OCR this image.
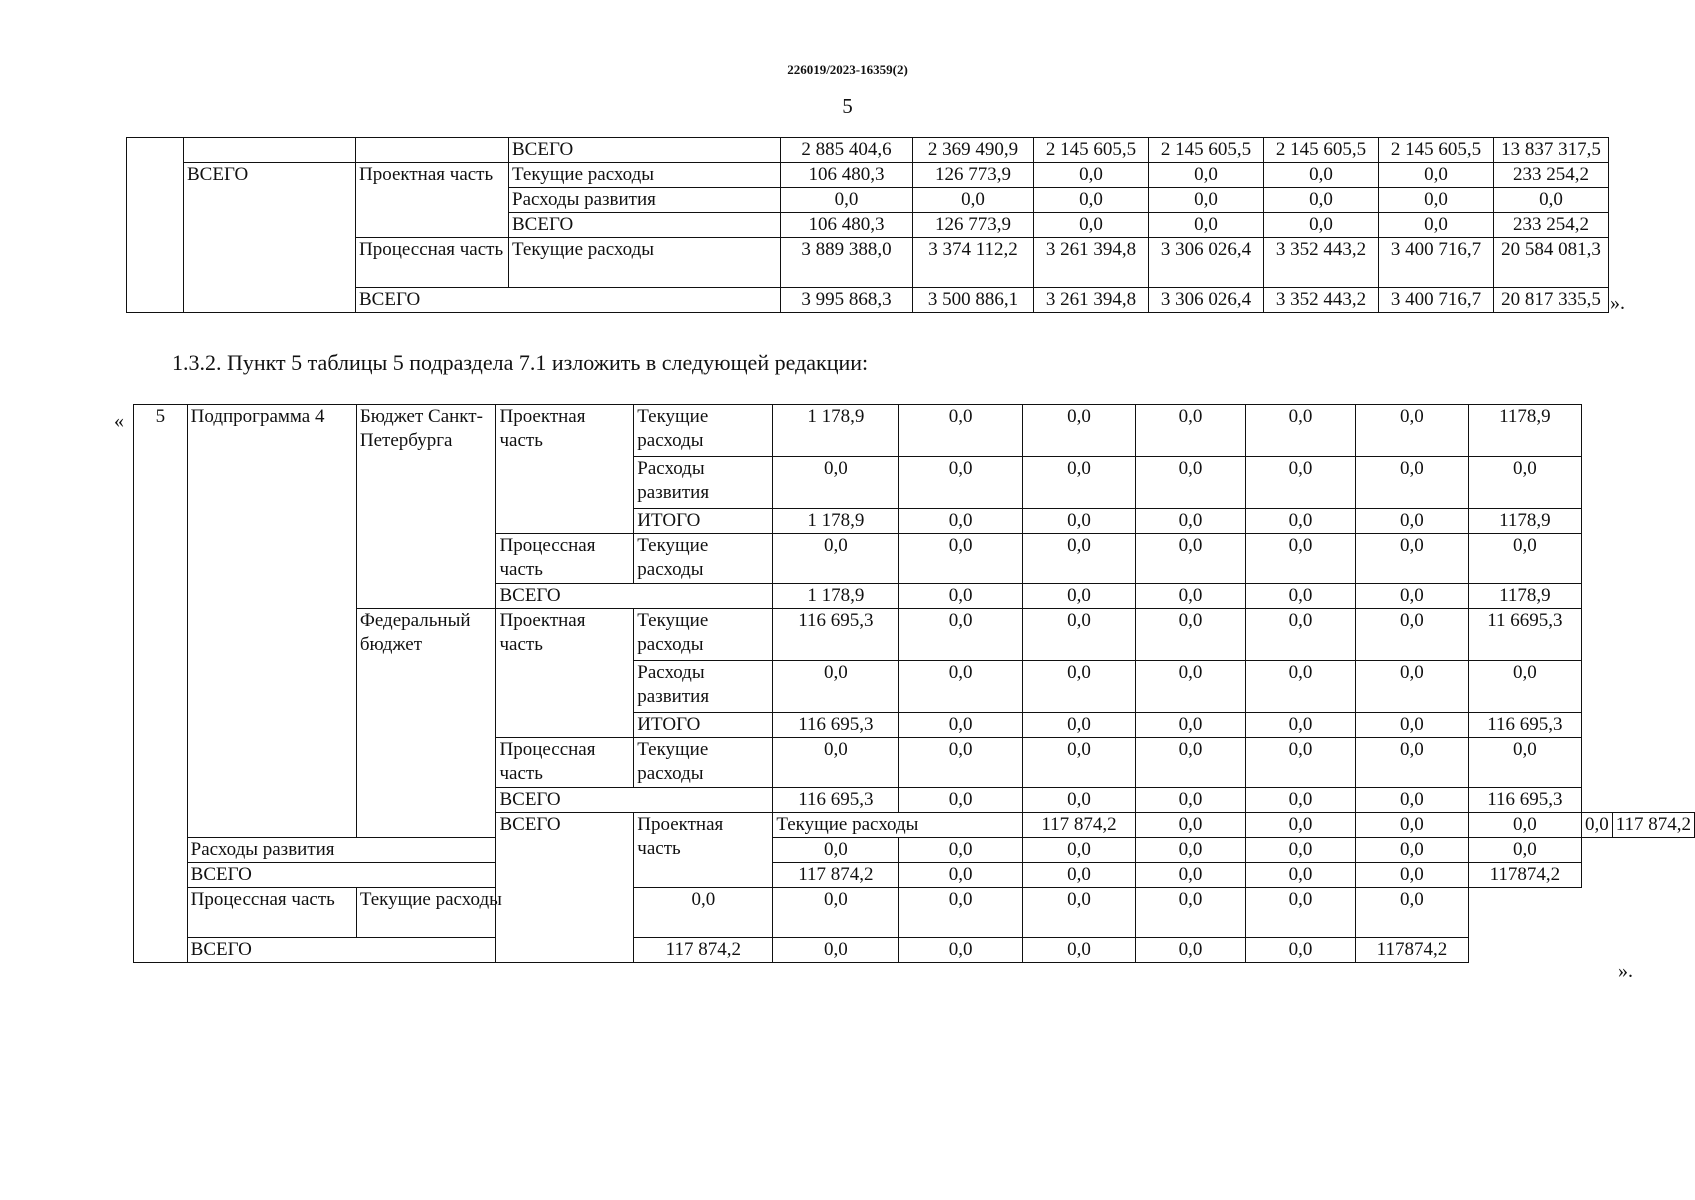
226019/2023-16359(2)
5
			ВСЕГО	2 885 404,6	2 369 490,9	2 145 605,5	2 145 605,5	2 145 605,5	2 145 605,5	13 837 317,5
	ВСЕГО	Проектная часть	Текущие расходы	106 480,3	126 773,9	0,0	0,0	0,0	0,0	233 254,2
			Расходы развития	0,0	0,0	0,0	0,0	0,0	0,0	0,0
			ВСЕГО	106 480,3	126 773,9	0,0	0,0	0,0	0,0	233 254,2
		Процессная часть	Текущие расходы	3 889 388,0	3 374 112,2	3 261 394,8	3 306 026,4	3 352 443,2	3 400 716,7	20 584 081,3
		ВСЕГО		3 995 868,3	3 500 886,1	3 261 394,8	3 306 026,4	3 352 443,2	3 400 716,7	20 817 335,5 ».
1.3.2. Пункт 5 таблицы 5 подраздела 7.1 изложить в следующей редакции:
« 5	Подпрограмма 4	Бюджет Санкт-Петербурга	Проектная часть	Текущие расходы	1 178,9	0,0	0,0	0,0	0,0	0,0	1178,9		
				Расходы развития	0,0	0,0	0,0	0,0	0,0	0,0	0,0		
				ИТОГО	1 178,9	0,0	0,0	0,0	0,0	0,0	1178,9		
			Процессная часть	Текущие расходы	0,0	0,0	0,0	0,0	0,0	0,0	0,0		
			ВСЕГО		1 178,9	0,0	0,0	0,0	0,0	0,0	1178,9		
		Федеральный бюджет	Проектная часть	Текущие расходы	116 695,3	0,0	0,0	0,0	0,0	0,0	11 6695,3		
				Расходы развития	0,0	0,0	0,0	0,0	0,0	0,0	0,0		
				ИТОГО	116 695,3	0,0	0,0	0,0	0,0	0,0	116 695,3		
			Процессная часть	Текущие расходы	0,0	0,0	0,0	0,0	0,0	0,0	0,0		
			ВСЕГО		116 695,3	0,0	0,0	0,0	0,0	0,0	116 695,3		
			ВСЕГО	Проектная часть	Текущие расходы		117 874,2	0,0	0,0	0,0	0,0	0,0	117 874,2
	Расходы развития				0,0	0,0	0,0	0,0	0,0	0,0	0,0		
	ВСЕГО				117 874,2	0,0	0,0	0,0	0,0	0,0	117874,2		
	Процессная часть	Текущие расходы		0,0	0,0	0,0	0,0	0,0	0,0	0,0			
	ВСЕГО			117 874,2	0,0	0,0	0,0	0,0	0,0	117874,2			
».
